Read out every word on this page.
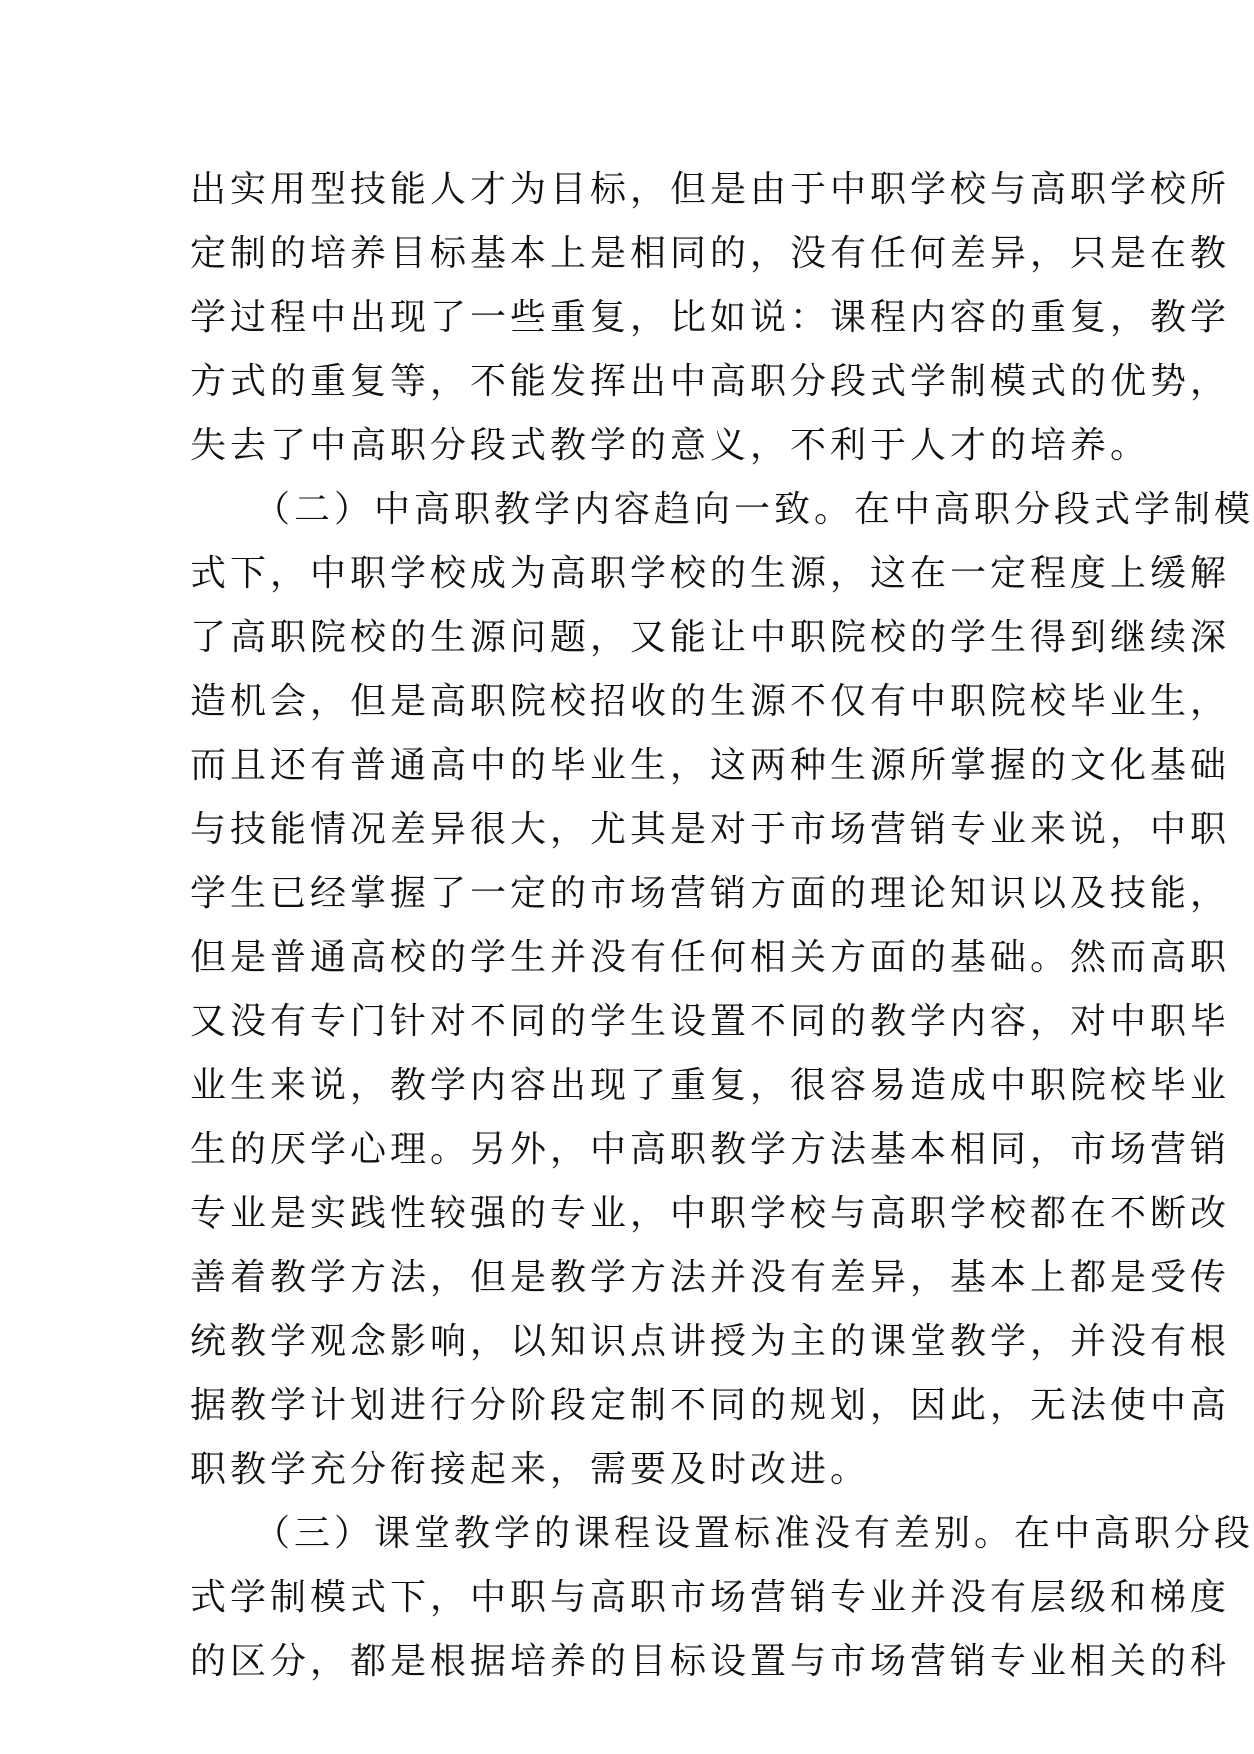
出实用型技能人才为目标，但是由于中职学校与高职学校所
定制的培养目标基本上是相同的，没有任何差异，只是在教
学过程中出现了一些重复，比如说：课程内容的重复，教学
方式的重复等，不能发挥出中高职分段式学制模式的优势，
失去了中高职分段式教学的意义，不利于人才的培养。
（二）中高职教学内容趋向一致。在中高职分段式学制模
式下，中职学校成为高职学校的生源，这在一定程度上缓解
了高职院校的生源问题，又能让中职院校的学生得到继续深
造机会，但是高职院校招收的生源不仅有中职院校毕业生，
而且还有普通高中的毕业生，这两种生源所掌握的文化基础
与技能情况差异很大，尤其是对于市场营销专业来说，中职
学生已经掌握了一定的市场营销方面的理论知识以及技能，
但是普通高校的学生并没有任何相关方面的基础。然而高职
又没有专门针对不同的学生设置不同的教学内容，对中职毕
业生来说，教学内容出现了重复，很容易造成中职院校毕业
生的厌学心理。另外，中高职教学方法基本相同，市场营销
专业是实践性较强的专业，中职学校与高职学校都在不断改
善着教学方法，但是教学方法并没有差异，基本上都是受传
统教学观念影响，以知识点讲授为主的课堂教学，并没有根
据教学计划进行分阶段定制不同的规划，因此，无法使中高
职教学充分衔接起来，需要及时改进。
（三）课堂教学的课程设置标准没有差别。在中高职分段
式学制模式下，中职与高职市场营销专业并没有层级和梯度
的区分，都是根据培养的目标设置与市场营销专业相关的科
